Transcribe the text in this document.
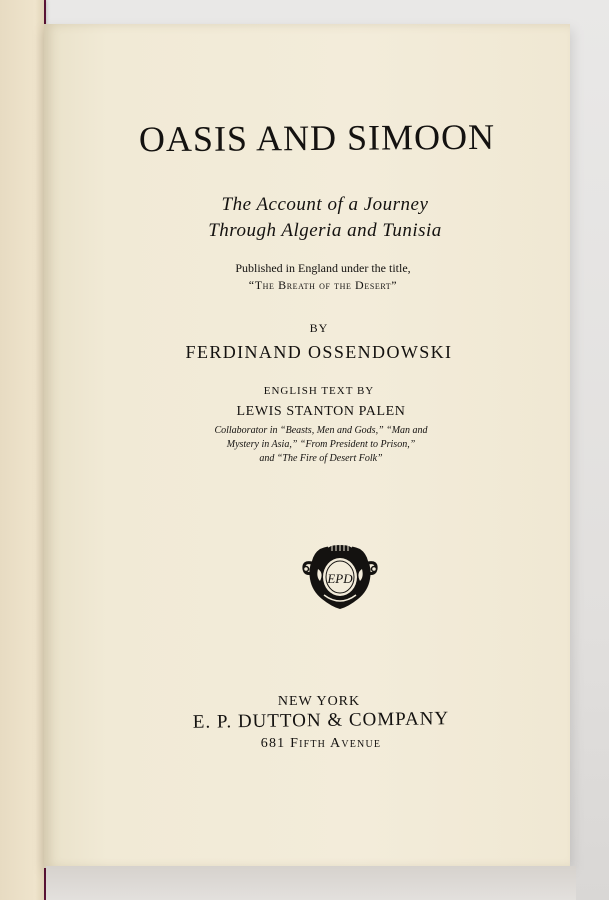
OASIS AND SIMOON
The Account of a Journey
Through Algeria and Tunisia
Published in England under the title,
“The Breath of the Desert”
BY
FERDINAND OSSENDOWSKI
ENGLISH TEXT BY
LEWIS STANTON PALEN
Collaborator in “Beasts, Men and Gods,” “Man and
Mystery in Asia,” “From President to Prison,”
and “The Fire of Desert Folk”
EPD
NEW YORK
E. P. DUTTON & COMPANY
681 Fifth Avenue
